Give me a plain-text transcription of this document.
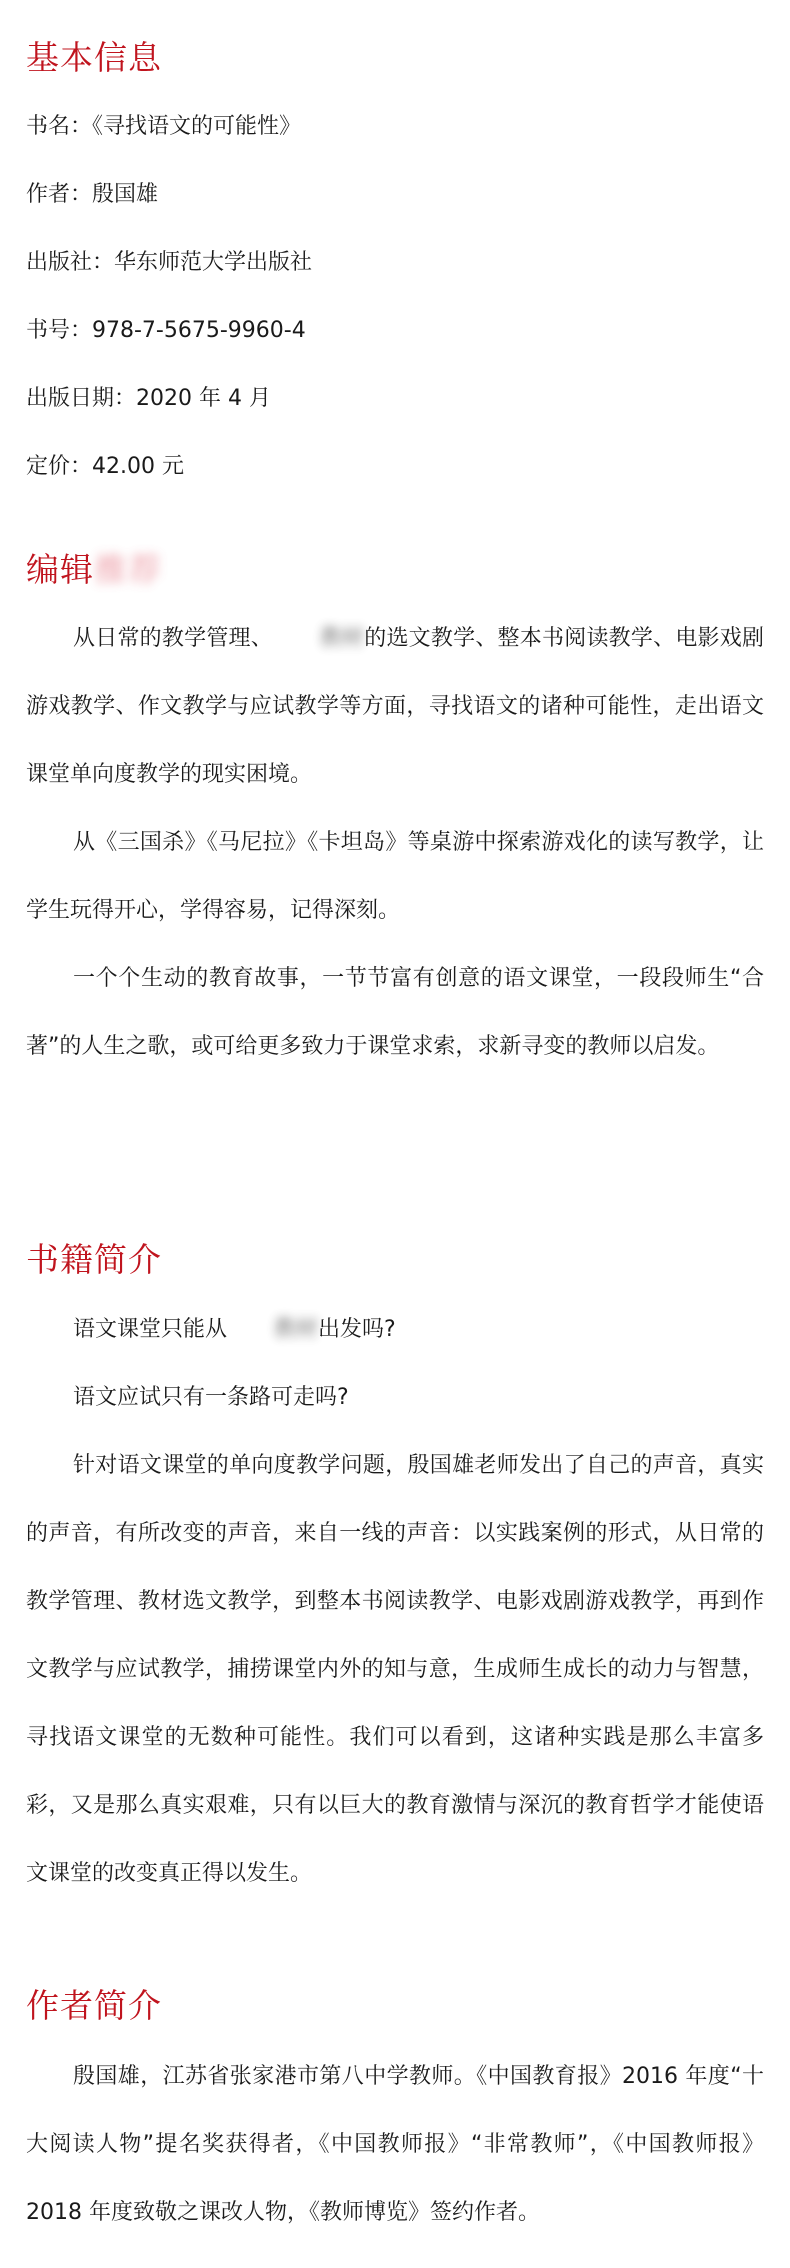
基本信息

书名：《寻找语文的可能性》

作者：殷国雄

出版社：华东师范大学出版社

书号：978-7-5675-9960-4

出版日期：2020 年 4 月

定价：42.00 元

编辑推荐

从日常的教学管理、 教材的选文教学、整本书阅读教学、电影戏剧游戏教学、作文教学与应试教学等方面，寻找语文的诸种可能性，走出语文课堂单向度教学的现实困境。

从《三国杀》《马尼拉》《卡坦岛》等桌游中探索游戏化的读写教学，让学生玩得开心，学得容易，记得深刻。

一个个生动的教育故事，一节节富有创意的语文课堂，一段段师生“合著”的人生之歌，或可给更多致力于课堂求索，求新寻变的教师以启发。

书籍简介

语文课堂只能从 教材出发吗?

语文应试只有一条路可走吗?

针对语文课堂的单向度教学问题，殷国雄老师发出了自己的声音，真实的声音，有所改变的声音，来自一线的声音：以实践案例的形式，从日常的教学管理、教材选文教学，到整本书阅读教学、电影戏剧游戏教学，再到作文教学与应试教学，捕捞课堂内外的知与意，生成师生成长的动力与智慧，寻找语文课堂的无数种可能性。我们可以看到，这诸种实践是那么丰富多彩，又是那么真实艰难，只有以巨大的教育激情与深沉的教育哲学才能使语文课堂的改变真正得以发生。

作者简介

殷国雄，江苏省张家港市第八中学教师。《中国教育报》2016 年度“十大阅读人物”提名奖获得者，《中国教师报》“非常教师”，《中国教师报》2018 年度致敬之课改人物，《教师博览》签约作者。
